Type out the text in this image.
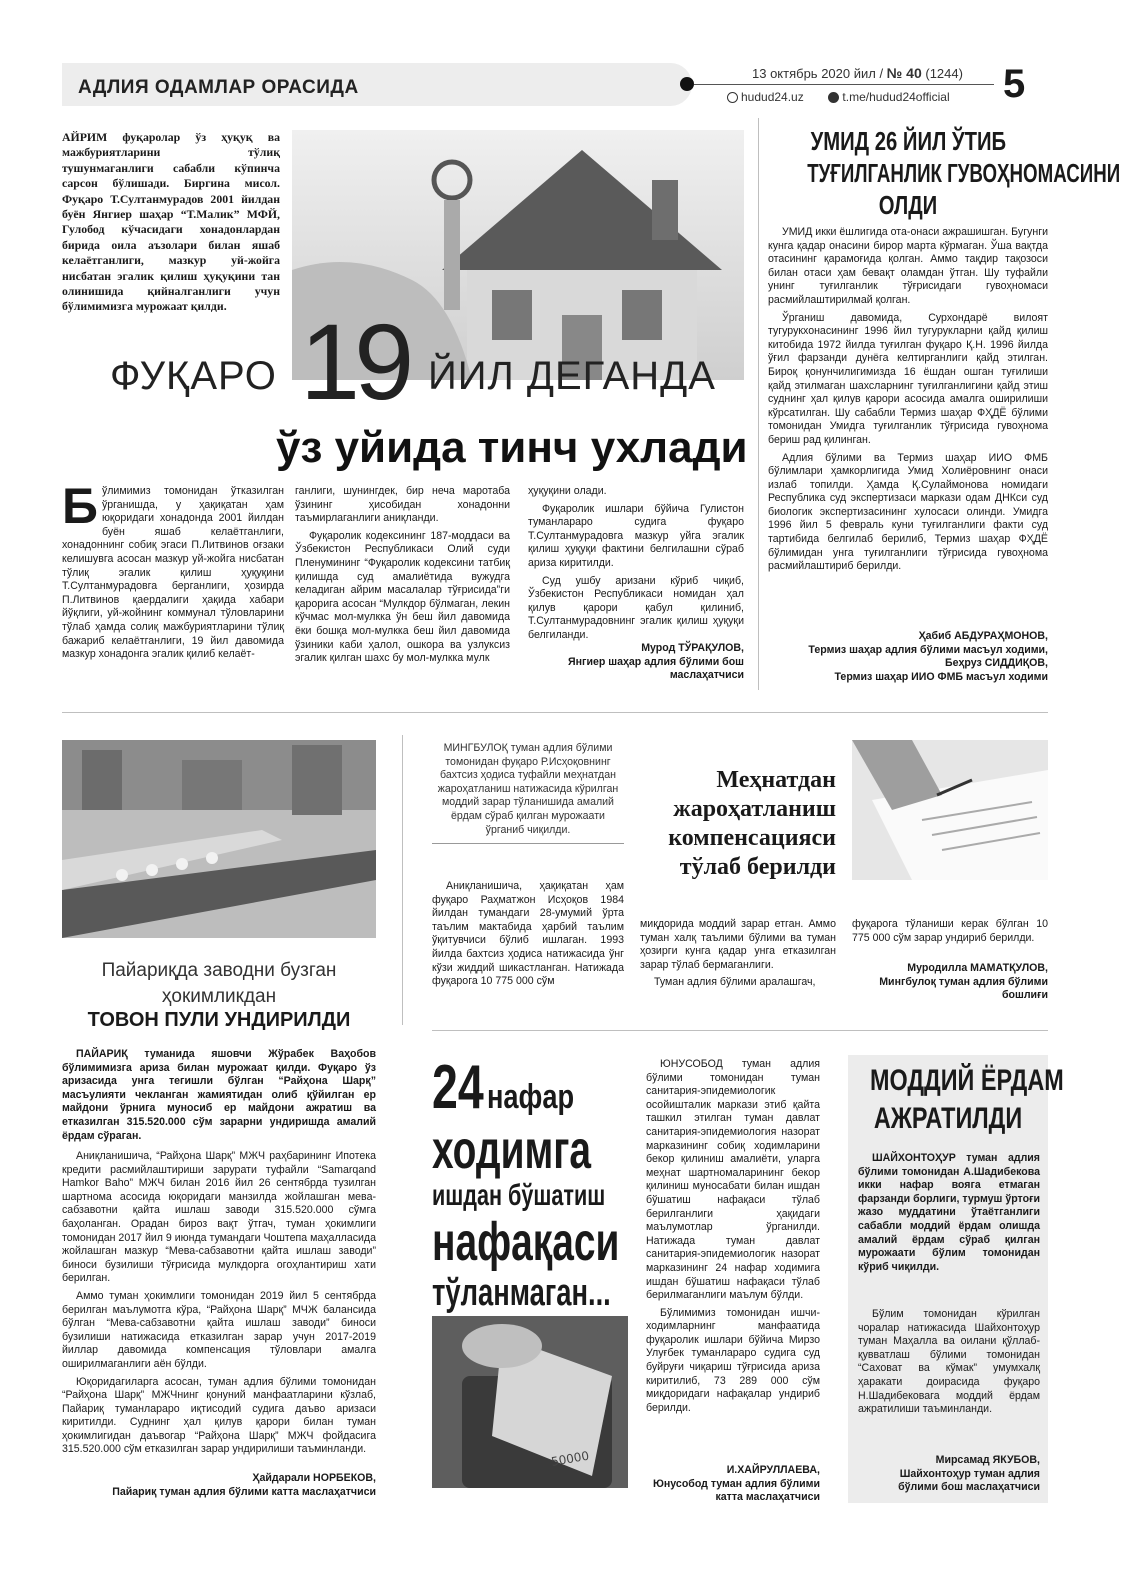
АДЛИЯ ОДАМЛАР ОРАСИДА
13 октябрь 2020 йил / № 40 (1244)
hudud24.uz	t.me/hudud24official 5
АЙРИМ фуқаролар ўз ҳуқуқ ва мажбуриятларини тўлиқ тушунмаганлиги сабабли кўпинча сарсон бўлишади. Биргина мисол. Фуқаро Т.Султанмурадов 2001 йилдан буён Янгиер шаҳар “Т.Малик” МФЙ, Гулобод кўчасидаги хонадонлардан бирида оила аъзолари билан яшаб келаётганлиги, мазкур уй-жойга нисбатан эгалик қилиш ҳуқуқини тан олинишида қийналганлиги учун бўлимимизга мурожаат қилди.
ФУҚАРО 19 ЙИЛ ДЕГАНДА
ўз уйида тинч ухлади
Б ўлимимиз томонидан ўтказилган ўрганишда, у ҳақиқатан ҳам юқоридаги хонадонда 2001 йилдан буён яшаб келаётганлиги, хонадоннинг собиқ эгаси П.Литвинов оғзаки келишувга асосан мазкур уй-жойга нисбатан тўлиқ эгалик қилиш ҳуқуқини Т.Султанмурадовга берганлиги, ҳозирда П.Литвинов қаердалиги ҳақида хабари йўқлиги, уй-жойнинг коммунал тўловларини тўлаб ҳамда солиқ мажбуриятларини тўлиқ бажариб келаётганлиги, 19 йил давомида мазкур хонадонга эгалик қилиб келаёт-

ганлиги, шунингдек, бир неча маротаба ўзининг ҳисобидан хонадонни таъмирлаганлиги аниқланди.

Фуқаролик кодексининг 187-моддаси ва Ўзбекистон Республикаси Олий суди Пленумининг “Фуқаролик кодексини татбиқ қилишда суд амалиётида вужудга келадиган айрим масалалар тўғрисида”ги қарорига асосан “Мулкдор бўлмаган, лекин кўчмас мол-мулкка ўн беш йил давомида ёки бошқа мол-мулкка беш йил давомида ўзиники каби ҳалол, ошкора ва узлуксиз эгалик қилган шахс бу мол-мулкка мулк

ҳуқуқини олади.

Фуқаролик ишлари бўйича Гулистон туманлараро судига фуқаро Т.Султанмурадовга мазкур уйга эгалик қилиш ҳуқуқи фактини белгилашни сўраб ариза киритилди.

Суд ушбу аризани кўриб чиқиб, Ўзбекистон Республикаси номидан ҳал қилув қарори қабул қилиниб, Т.Султанмурадовнинг эгалик қилиш ҳуқуқи белгиланди.

Мурод ТЎРАҚУЛОВ,
Янгиер шаҳар адлия бўлими бош маслаҳатчиси
УМИД 26 ЙИЛ ЎТИБ
ТУҒИЛГАНЛИК ГУВОҲНОМАСИНИ
ОЛДИ

УМИД икки ёшлигида ота-онаси ажрашишган. Бугунги кунга қадар онасини бирор марта кўрмаган. Ўша вақтда отасининг қарамоғида қолган. Аммо тақдир тақозоси билан отаси ҳам бевақт оламдан ўтган. Шу туфайли унинг туғилганлик тўғрисидаги гувоҳномаси расмийлаштирилмай қолган.

Ўрганиш давомида, Сурхондарё вилоят тугурукхонасининг 1996 йил тугурукларни қайд қилиш китобида 1972 йилда туғилган фуқаро Қ.Н. 1996 йилда ўғил фарзанди дунёга келтирганлиги қайд этилган. Бироқ қонунчилигимизда 16 ёшдан ошган туғилиши қайд этилмаган шахсларнинг туғилганлигини қайд этиш суднинг ҳал қилув қарори асосида амалга оширилиши кўрсатилган. Шу сабабли Термиз шаҳар ФҲДЁ бўлими томонидан Умидга туғилганлик тўғрисида гувоҳнома бериш рад қилинган.

Адлия бўлими ва Термиз шаҳар ИИО ФМБ бўлимлари ҳамкорлигида Умид Холиёровнинг онаси излаб топилди. Ҳамда Қ.Сулаймонова номидаги Республика суд экспертизаси маркази одам ДНКси суд биологик экспертизасининг хулосаси олинди. Умидга 1996 йил 5 февраль куни туғилганлиги факти суд тартибида белгилаб берилиб, Термиз шаҳар ФҲДЁ бўлимидан унга туғилганлиги тўғрисида гувоҳнома расмийлаштириб берилди.

Ҳабиб АБДУРАҲМОНОВ,
Термиз шаҳар адлия бўлими масъул ходими,
Беҳруз СИДДИҚОВ,
Термиз шаҳар ИИО ФМБ масъул ходими
Пайариқда заводни бузган
ҳокимликдан
ТОВОН ПУЛИ УНДИРИЛДИ

ПАЙАРИҚ туманида яшовчи Жўрабек Ваҳобов бўлимимизга ариза билан мурожаат қилди. Фуқаро ўз аризасида унга тегишли бўлган “Райҳона Шарқ” масъулияти чекланган жамиятидан олиб қўйилган ер майдони ўрнига муносиб ер майдони ажратиш ва етказилган 315.520.000 сўм зарарни ундиришда амалий ёрдам сўраган.

Аниқланишича, “Райҳона Шарқ” МЖЧ раҳбарининг Ипотека кредити расмийлаштириши зарурати туфайли “Samarqand Hamkor Baho” МЖЧ билан 2016 йил 26 сентябрда тузилган шартнома асосида юқоридаги манзилда жойлашган мева-сабзавотни қайта ишлаш заводи 315.520.000 сўмга баҳоланган. Орадан бироз вақт ўтгач, туман ҳокимлиги томонидан 2017 йил 9 июнда тумандаги Чоштепа маҳалласида жойлашган мазкур “Мева-сабзавотни қайта ишлаш заводи” биноси бузилиши тўғрисида мулкдорга огоҳлантириш хати берилган.

Аммо туман ҳокимлиги томонидан 2019 йил 5 сентябрда берилган маълумотга кўра, “Райҳона Шарқ” МЧЖ балансида бўлган “Мева-сабзавотни қайта ишлаш заводи” биноси бузилиши натижасида етказилган зарар учун 2017-2019 йиллар давомида компенсация тўловлари амалга оширилмаганлиги аён бўлди.

Юқоридагиларга асосан, туман адлия бўлими томонидан “Райҳона Шарқ” МЖЧнинг қонуний манфаатларини кўзлаб, Пайариқ туманлараро иқтисодий судига даъво аризаси киритилди. Суднинг ҳал қилув қарори билан туман ҳокимлигидан даъвогар “Райҳона Шарқ” МЖЧ фойдасига 315.520.000 сўм етказилган зарар ундирилиши таъминланди.

Ҳайдарали НОРБЕКОВ,
Пайариқ туман адлия бўлими катта маслаҳатчиси
МИНГБУЛОҚ туман адлия бўлими томонидан фуқаро Р.Исҳоқовнинг бахтсиз ҳодиса туфайли меҳнатдан жароҳатланиш натижасида кўрилган моддий зарар тўланишида амалий ёрдам сўраб қилган мурожаати ўрганиб чиқилди.
Меҳнатдан
жароҳатланиш
компенсацияси
тўлаб берилди

Аниқланишича, ҳақиқатан ҳам фуқаро Раҳматжон Исҳоқов 1984 йилдан тумандаги 28-умумий ўрта таълим мактабида ҳарбий таълим ўқитувчиси бўлиб ишлаган. 1993 йилда бахтсиз ҳодиса натижасида ўнг кўзи жиддий шикастланган. Натижада фуқарога 10 775 000 сўм

миқдорида моддий зарар етган. Аммо туман халқ таълими бўлими ва туман ҳозирги кунга қадар унга етказилган зарар тўлаб бермаганлиги.

Туман адлия бўлими аралашгач,

фуқарога тўланиши керак бўлган 10 775 000 сўм зарар ундириб берилди.

Муродилла МАМАТҚУЛОВ,
Мингбулоқ туман адлия бўлими бошлиғи
24нафар
ходимга
ишдан бўшатиш
нафақаси
тўланмаган...
50000

ЮНУСОБОД туман адлия бўлими томонидан туман санитария-эпидемиологик осойишталик маркази этиб қайта ташкил этилган туман давлат санитария-эпидемиология назорат марказининг собиқ ходимларини бекор қилиниш амалиёти, уларга меҳнат шартномаларининг бекор қилиниш муносабати билан ишдан бўшатиш нафақаси тўлаб берилганлиги ҳақидаги маълумотлар ўрганилди. Натижада туман давлат санитария-эпидемиологик назорат марказининг 24 нафар ходимига ишдан бўшатиш нафақаси тўлаб берилмаганлиги маълум бўлди.

Бўлимимиз томонидан ишчи-ходимларнинг манфаатида фуқаролик ишлари бўйича Мирзо Улуғбек туманлараро судига суд буйруғи чиқариш тўғрисида ариза киритилиб, 73 289 000 сўм миқдоридаги нафақалар ундириб берилди.

И.ХАЙРУЛЛАЕВА,
Юнусобод туман адлия бўлими катта маслаҳатчиси
МОДДИЙ ЁРДАМ
АЖРАТИЛДИ

ШАЙХОНТОҲУР туман адлия бўлими томонидан А.Шадибекова икки нафар вояга етмаган фарзанди борлиги, турмуш ўртоғи жазо муддатини ўтаётганлиги сабабли моддий ёрдам олишда амалий ёрдам сўраб қилган мурожаати бўлим томонидан кўриб чиқилди.

Бўлим томонидан кўрилган чоралар натижасида Шайхонтоҳур туман Маҳалла ва оилани қўллаб-қувватлаш бўлими томонидан “Саховат ва кўмак” умумхалқ ҳаракати доирасида фуқаро Н.Шадибековага моддий ёрдам ажратилиши таъминланди.

Мирсамад ЯКУБОВ,
Шайхонтоҳур туман адлия бўлими бош маслаҳатчиси
